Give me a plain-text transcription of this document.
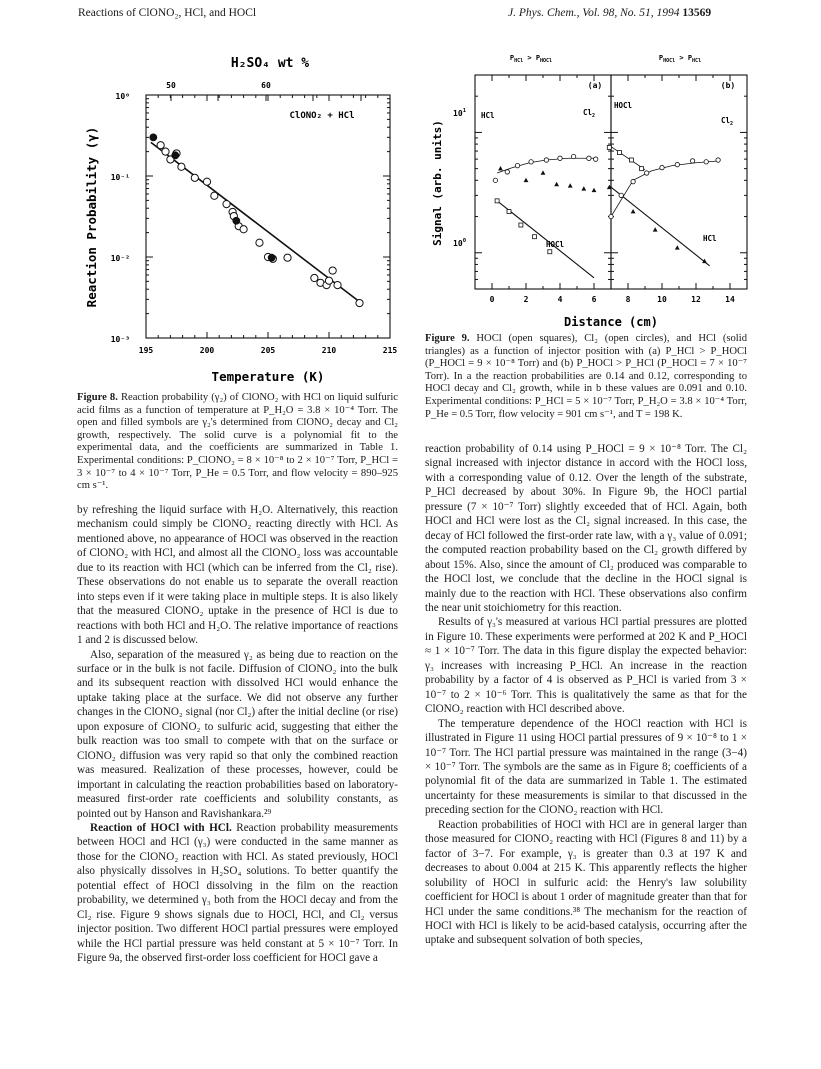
Reactions of ClONO₂, HCl, and HOCl	J. Phys. Chem., Vol. 98, No. 51, 1994 13569
H₂SO₄ wt %
50	60
ClONO₂ + HCl
10⁰
10⁻¹
10⁻²
10⁻³
195	200	205	210	215
Temperature (K)
Reaction Probability (γ)
$P_{HCl} > P_{HOCl}$	$P_{HOCl} > P_{HCl}$
(a)	(b)
HCl	$Cl_2$
HOCl
HOCl
$Cl_2$
HCl
$10^1$
$10^0$
0	2	4	6	8	10	12	14
Distance (cm)
Signal (arb. units)
Figure 8. Reaction probability (γ₂) of ClONO₂ with HCl on liquid sulfuric acid films as a function of temperature at P_H₂O = 3.8 × 10⁻⁴ Torr. The open and filled symbols are γ₂'s determined from ClONO₂ decay and Cl₂ growth, respectively. The solid curve is a polynomial fit to the experimental data, and the coefficients are summarized in Table 1. Experimental conditions: P_ClONO₂ = 8 × 10⁻⁸ to 2 × 10⁻⁷ Torr, P_HCl = 3 × 10⁻⁷ to 4 × 10⁻⁷ Torr, P_He = 0.5 Torr, and flow velocity = 890–925 cm s⁻¹.
Figure 9. HOCl (open squares), Cl₂ (open circles), and HCl (solid triangles) as a function of injector position with (a) P_HCl > P_HOCl (P_HOCl = 9 × 10⁻⁸ Torr) and (b) P_HOCl > P_HCl (P_HOCl = 7 × 10⁻⁷ Torr). In a the reaction probabilities are 0.14 and 0.12, corresponding to HOCl decay and Cl₂ growth, while in b these values are 0.091 and 0.10. Experimental conditions: P_HCl = 5 × 10⁻⁷ Torr, P_H₂O = 3.8 × 10⁻⁴ Torr, P_He = 0.5 Torr, flow velocity = 901 cm s⁻¹, and T = 198 K.

by refreshing the liquid surface with H₂O. Alternatively, this reaction mechanism could simply be ClONO₂ reacting directly with HCl. As mentioned above, no appearance of HOCl was observed in the reaction of ClONO₂ with HCl, and almost all the ClONO₂ loss was accountable due to its reaction with HCl (which can be inferred from the Cl₂ rise). These observations do not enable us to separate the overall reaction into steps even if it were taking place in multiple steps. It is also likely that the measured ClONO₂ uptake in the presence of HCl is due to reactions with both HCl and H₂O. The relative importance of reactions 1 and 2 is discussed below.

Also, separation of the measured γ₂ as being due to reaction on the surface or in the bulk is not facile. Diffusion of ClONO₂ into the bulk and its subsequent reaction with dissolved HCl would enhance the uptake taking place at the surface. We did not observe any further changes in the ClONO₂ signal (nor Cl₂) after the initial decline (or rise) upon exposure of ClONO₂ to sulfuric acid, suggesting that either the bulk reaction was too small to compete with that on the surface or ClONO₂ diffusion was very rapid so that only the combined reaction was measured. Realization of these processes, however, could be important in calculating the reaction probabilities based on laboratory-measured first-order rate coefficients and solubility constants, as pointed out by Hanson and Ravishankara.²⁹

Reaction of HOCl with HCl. Reaction probability measurements between HOCl and HCl (γ₃) were conducted in the same manner as those for the ClONO₂ reaction with HCl. As stated previously, HOCl also physically dissolves in H₂SO₄ solutions. To better quantify the potential effect of HOCl dissolving in the film on the reaction probability, we determined γ₃ both from the HOCl decay and from the Cl₂ rise. Figure 9 shows signals due to HOCl, HCl, and Cl₂ versus injector position. Two different HOCl partial pressures were employed while the HCl partial pressure was held constant at 5 × 10⁻⁷ Torr. In Figure 9a, the observed first-order loss coefficient for HOCl gave a

reaction probability of 0.14 using P_HOCl = 9 × 10⁻⁸ Torr. The Cl₂ signal increased with injector distance in accord with the HOCl loss, with a corresponding value of 0.12. Over the length of the substrate, P_HCl decreased by about 30%. In Figure 9b, the HOCl partial pressure (7 × 10⁻⁷ Torr) slightly exceeded that of HCl. Again, both HOCl and HCl were lost as the Cl₂ signal increased. In this case, the decay of HCl followed the first-order rate law, with a γ₃ value of 0.091; the computed reaction probability based on the Cl₂ growth differed by about 15%. Also, since the amount of Cl₂ produced was comparable to the HOCl lost, we conclude that the decline in the HOCl signal is mainly due to the reaction with HCl. These observations also confirm the near unit stoichiometry for this reaction.

Results of γ₃'s measured at various HCl partial pressures are plotted in Figure 10. These experiments were performed at 202 K and P_HOCl ≈ 1 × 10⁻⁷ Torr. The data in this figure display the expected behavior: γ₃ increases with increasing P_HCl. An increase in the reaction probability by a factor of 4 is observed as P_HCl is varied from 3 × 10⁻⁷ to 2 × 10⁻⁶ Torr. This is qualitatively the same as that for the ClONO₂ reaction with HCl described above.

The temperature dependence of the HOCl reaction with HCl is illustrated in Figure 11 using HOCl partial pressures of 9 × 10⁻⁸ to 1 × 10⁻⁷ Torr. The HCl partial pressure was maintained in the range (3−4) × 10⁻⁷ Torr. The symbols are the same as in Figure 8; coefficients of a polynomial fit of the data are summarized in Table 1. The estimated uncertainty for these measurements is similar to that discussed in the preceding section for the ClONO₂ reaction with HCl.

Reaction probabilities of HOCl with HCl are in general larger than those measured for ClONO₂ reacting with HCl (Figures 8 and 11) by a factor of 3−7. For example, γ₃ is greater than 0.3 at 197 K and decreases to about 0.004 at 215 K. This apparently reflects the higher solubility of HOCl in sulfuric acid: the Henry's law solubility coefficient for HOCl is about 1 order of magnitude greater than that for HCl under the same conditions.³⁸ The mechanism for the reaction of HOCl with HCl is likely to be acid-based catalysis, occurring after the uptake and subsequent solvation of both species,
